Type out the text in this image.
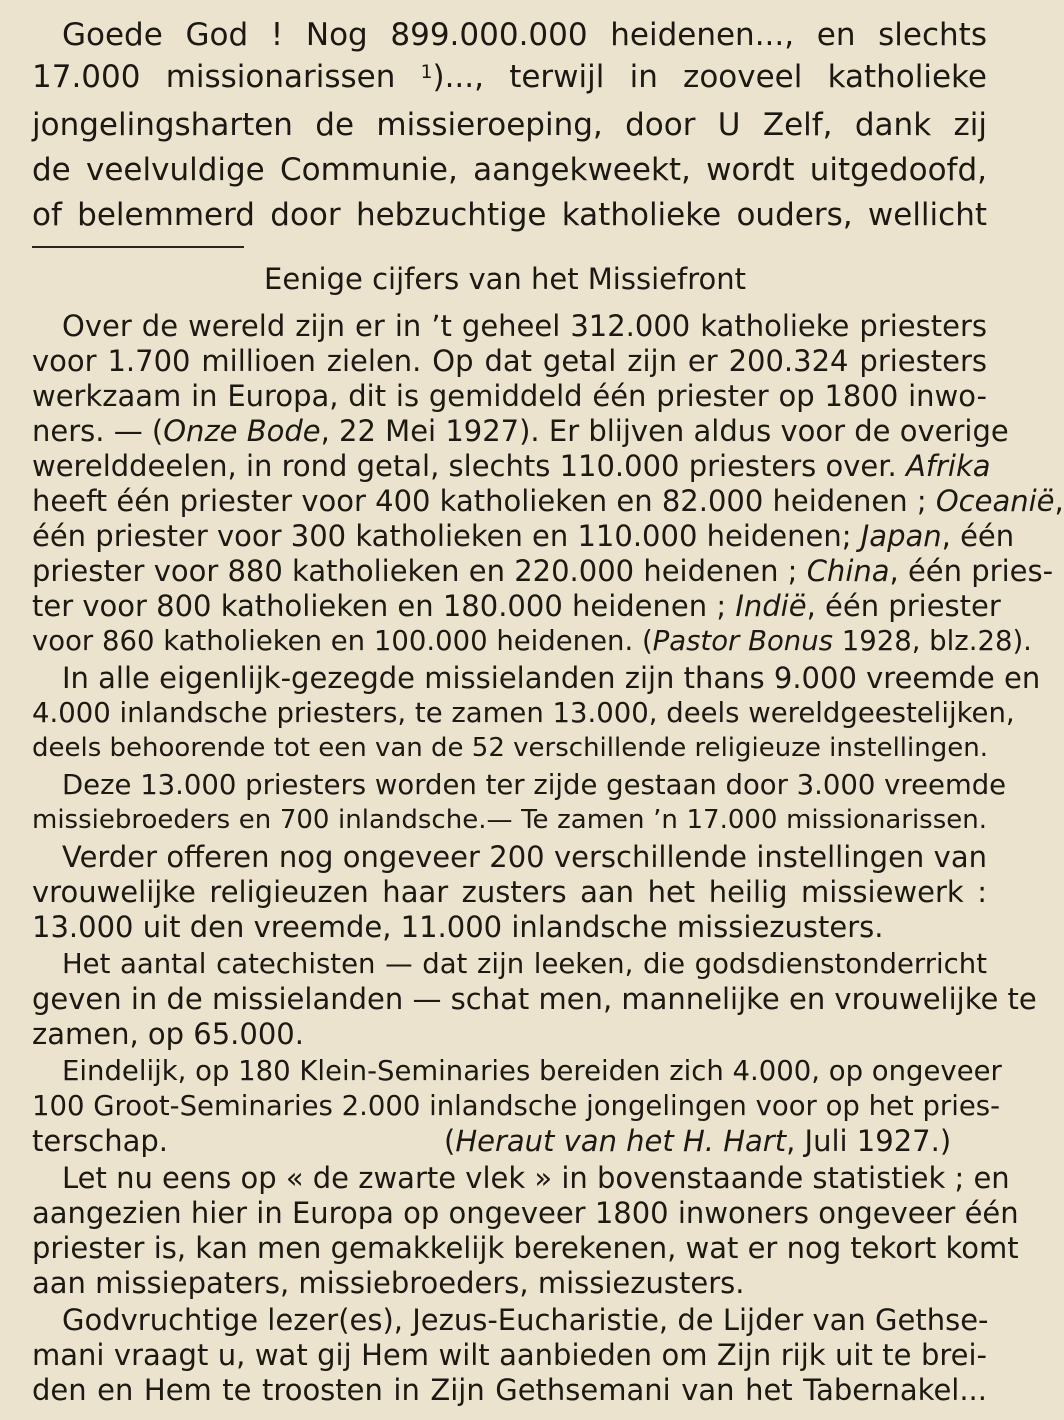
Goede God ! Nog 899.000.000 heidenen..., en slechts
17.000 missionarissen $^1$)..., terwijl in zooveel katholieke
jongelingsharten de missieroeping, door U Zelf, dank zij
de veelvuldige Communie, aangekweekt, wordt uitgedoofd,
of belemmerd door hebzuchtige katholieke ouders, wellicht
Eenige cijfers van het Missiefront
Over de wereld zijn er in ’t geheel 312.000 katholieke priesters
voor 1.700 millioen zielen. Op dat getal zijn er 200.324 priesters
werkzaam in Europa, dit is gemiddeld één priester op 1800 inwo-
ners. — (Onze Bode, 22 Mei 1927). Er blijven aldus voor de overige
werelddeelen, in rond getal, slechts 110.000 priesters over. Afrika
heeft één priester voor 400 katholieken en 82.000 heidenen ; Oceanië,
één priester voor 300 katholieken en 110.000 heidenen; Japan, één
priester voor 880 katholieken en 220.000 heidenen ; China, één pries-
ter voor 800 katholieken en 180.000 heidenen ; Indië, één priester
voor 860 katholieken en 100.000 heidenen. (Pastor Bonus 1928, blz.28).
In alle eigenlijk-gezegde missielanden zijn thans 9.000 vreemde en
4.000 inlandsche priesters, te zamen 13.000, deels wereldgeestelijken,
deels behoorende tot een van de 52 verschillende religieuze instellingen.
Deze 13.000 priesters worden ter zijde gestaan door 3.000 vreemde
missiebroeders en 700 inlandsche.— Te zamen ’n 17.000 missionarissen.
Verder offeren nog ongeveer 200 verschillende instellingen van
vrouwelijke religieuzen haar zusters aan het heilig missiewerk :
13.000 uit den vreemde, 11.000 inlandsche missiezusters.
Het aantal catechisten — dat zijn leeken, die godsdienstonderricht
geven in de missielanden — schat men, mannelijke en vrouwelijke te
zamen, op 65.000.
Eindelijk, op 180 Klein-Seminaries bereiden zich 4.000, op ongeveer
100 Groot-Seminaries 2.000 inlandsche jongelingen voor op het pries-
terschap.	(Heraut van het H. Hart, Juli 1927.)
Let nu eens op « de zwarte vlek » in bovenstaande statistiek ; en
aangezien hier in Europa op ongeveer 1800 inwoners ongeveer één
priester is, kan men gemakkelijk berekenen, wat er nog tekort komt
aan missiepaters, missiebroeders, missiezusters.
Godvruchtige lezer(es), Jezus-Eucharistie, de Lijder van Gethse-
mani vraagt u, wat gij Hem wilt aanbieden om Zijn rijk uit te brei-
den en Hem te troosten in Zijn Gethsemani van het Tabernakel...
